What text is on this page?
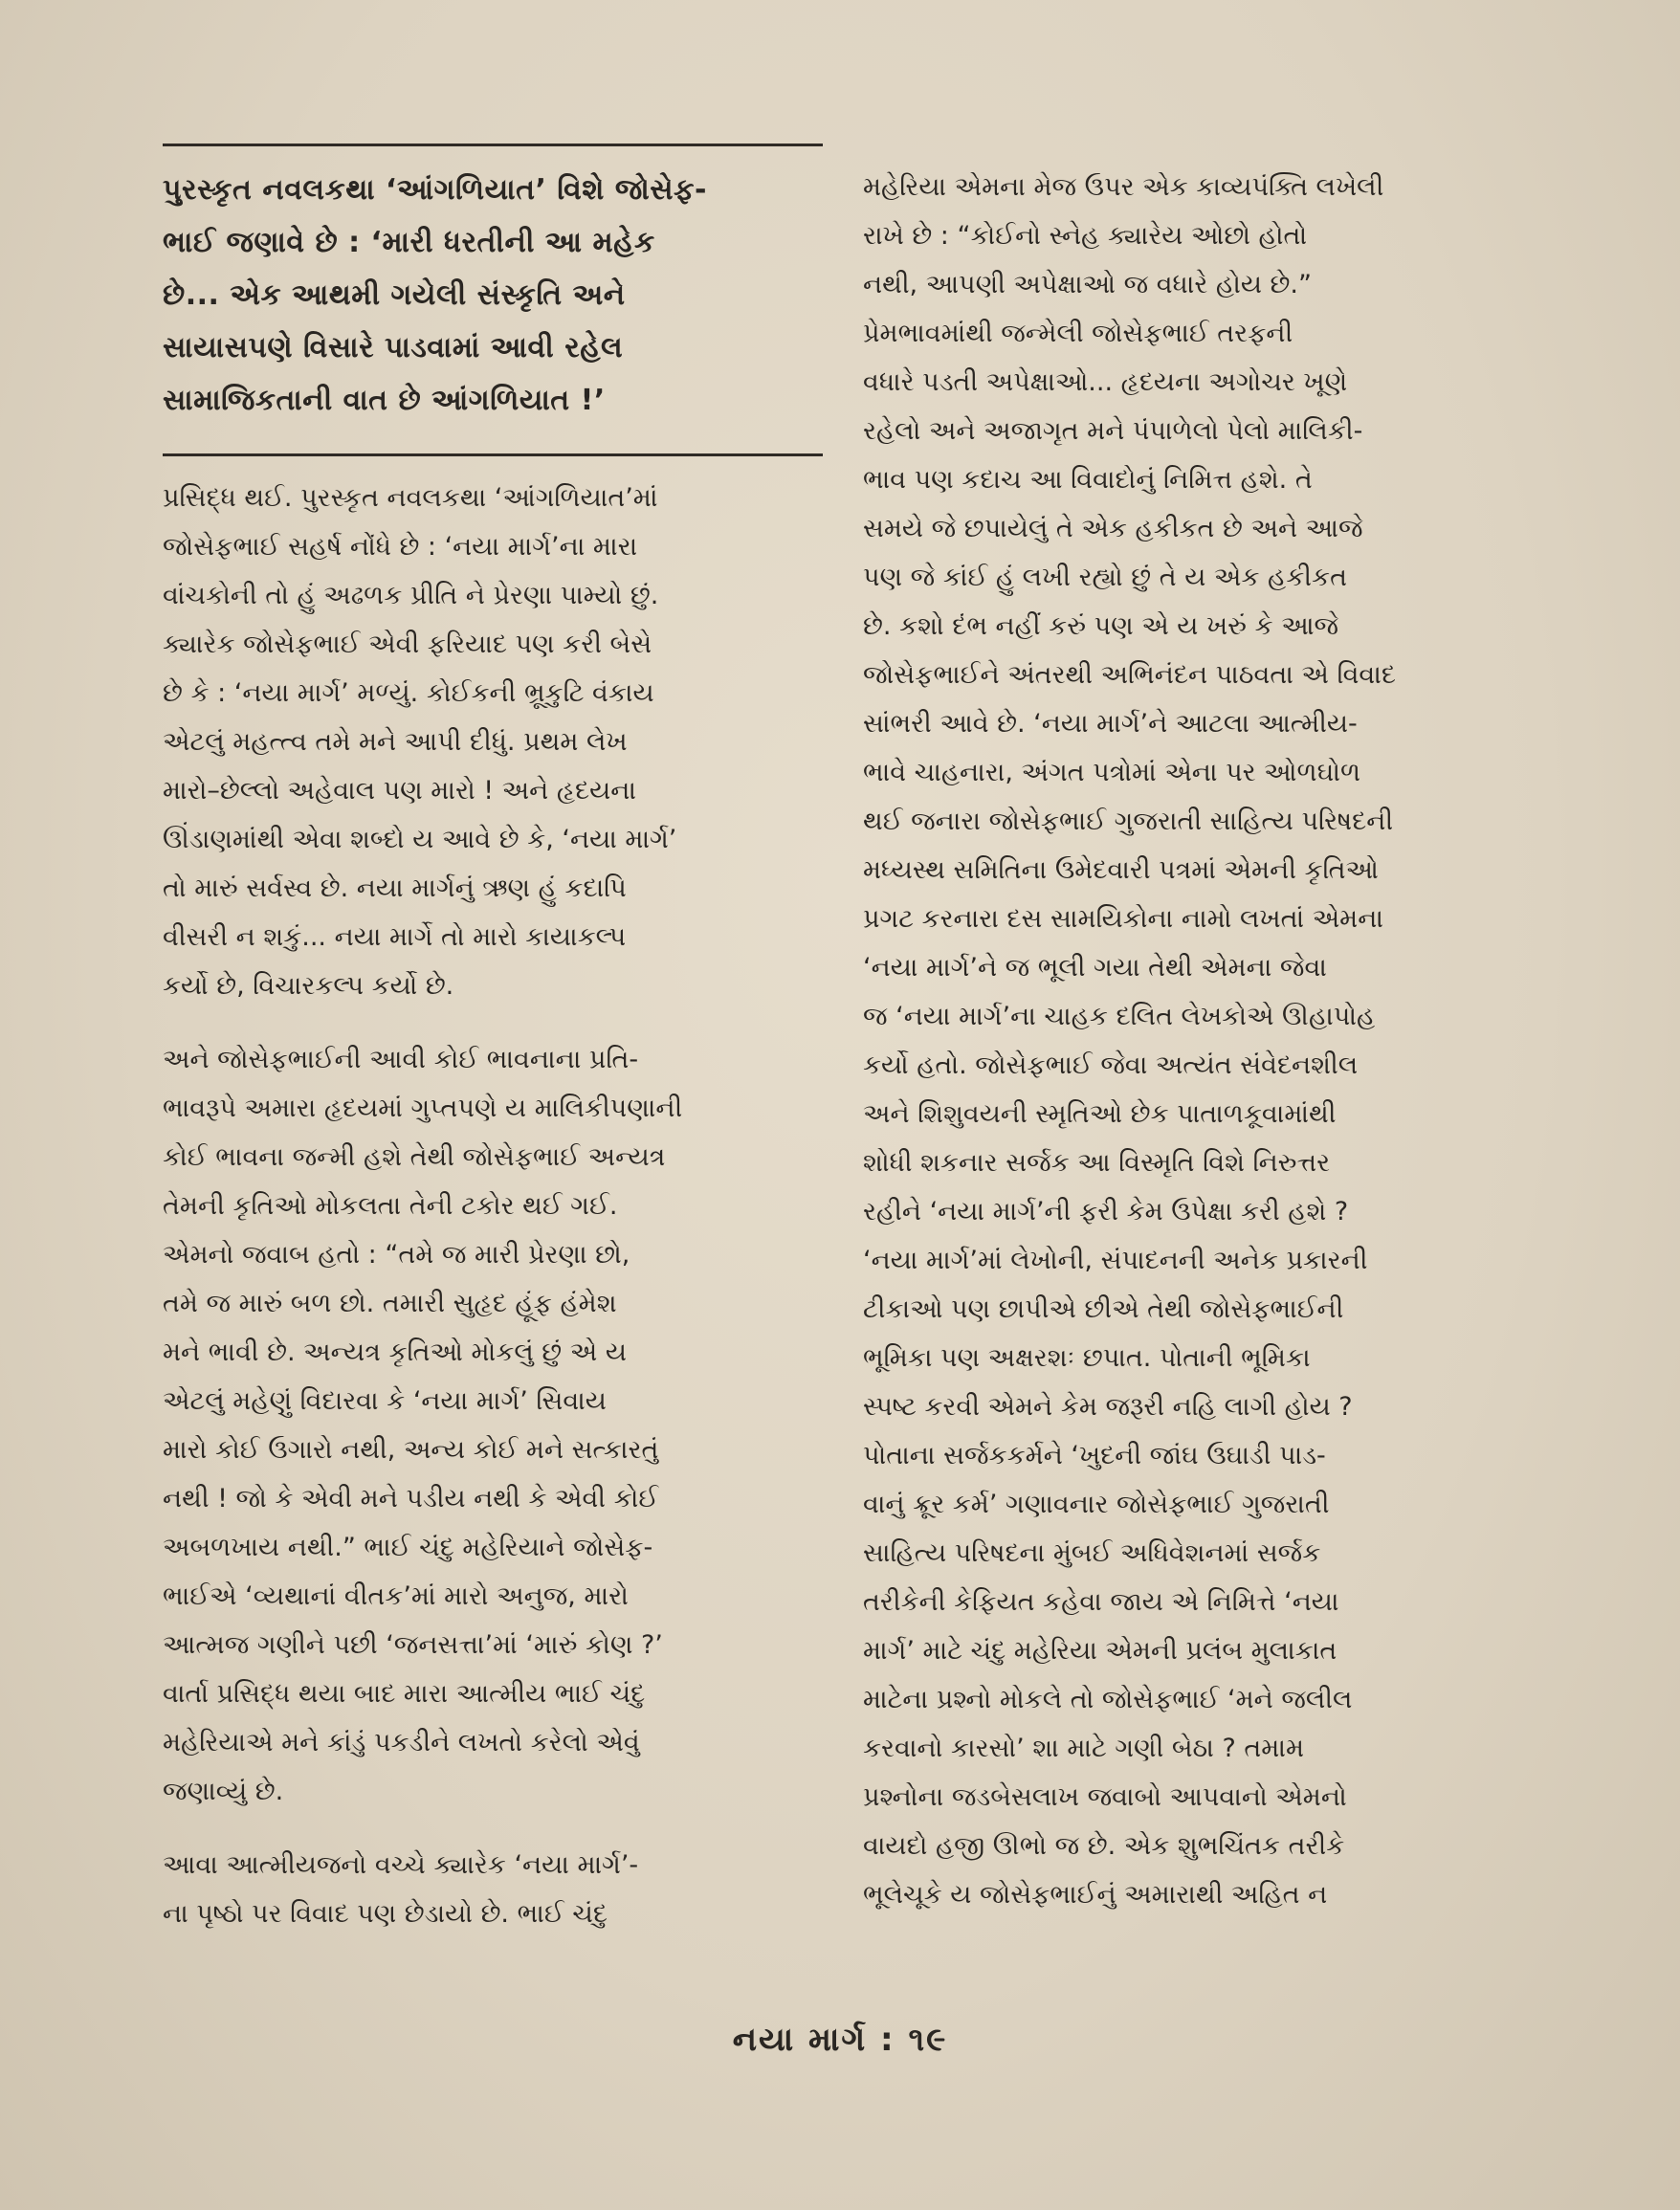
પુરસ્કૃત નવલકથા ‘આંગળિયાત’ વિશે જોસેફ-
ભાઈ જણાવે છે : ‘મારી ધરતીની આ મહેક
છે... એક આથમી ગયેલી સંસ્કૃતિ અને
સાયાસપણે વિસારે પાડવામાં આવી રહેલ
સામાજિકતાની વાત છે આંગળિયાત !’

પ્રસિદ્ધ થઈ. પુરસ્કૃત નવલકથા ‘આંગળિયાત’માં
જોસેફભાઈ સહર્ષ નોંધે છે : ‘નયા માર્ગ’ના મારા
વાંચકોની તો હું અઢળક પ્રીતિ ને પ્રેરણા પામ્યો છું.
ક્યારેક જોસેફભાઈ એવી ફરિયાદ પણ કરી બેસે
છે કે : ‘નયા માર્ગ’ મળ્યું. કોઈકની ભ્રૂકુટિ વંકાય
એટલું મહત્ત્વ તમે મને આપી દીધું. પ્રથમ લેખ
મારો–છેલ્લો અહેવાલ પણ મારો ! અને હૃદયના
ઊંડાણમાંથી એવા શબ્દો ય આવે છે કે, ‘નયા માર્ગ’
તો મારું સર્વસ્વ છે. નયા માર્ગનું ઋણ હું કદાપિ
વીસરી ન શકું... નયા માર્ગે તો મારો કાયાકલ્પ
કર્યો છે, વિચારકલ્પ કર્યો છે.

અને જોસેફભાઈની આવી કોઈ ભાવનાના પ્રતિ-
ભાવરૂપે અમારા હૃદયમાં ગુપ્તપણે ય માલિકીપણાની
કોઈ ભાવના જન્મી હશે તેથી જોસેફભાઈ અન્યત્ર
તેમની કૃતિઓ મોકલતા તેની ટકોર થઈ ગઈ.
એમનો જવાબ હતો : “તમે જ મારી પ્રેરણા છો,
તમે જ મારું બળ છો. તમારી સુહૃદ હૂંફ હંમેશ
મને ભાવી છે. અન્યત્ર કૃતિઓ મોકલું છું એ ય
એટલું મહેણું વિદારવા કે ‘નયા માર્ગ’ સિવાય
મારો કોઈ ઉગારો નથી, અન્ય કોઈ મને સત્કારતું
નથી ! જો કે એવી મને પડીય નથી કે એવી કોઈ
અબળખાય નથી.” ભાઈ ચંદુ મહેરિયાને જોસેફ-
ભાઈએ ‘વ્યથાનાં વીતક’માં મારો અનુજ, મારો
આત્મજ ગણીને પછી ‘જનસત્તા’માં ‘મારું કોણ ?’
વાર્તા પ્રસિદ્ધ થયા બાદ મારા આત્મીય ભાઈ ચંદુ
મહેરિયાએ મને કાંડું પકડીને લખતો કરેલો એવું
જણાવ્યું છે.

આવા આત્મીયજનો વચ્ચે ક્યારેક ‘નયા માર્ગ’-
ના પૃષ્ઠો પર વિવાદ પણ છેડાયો છે. ભાઈ ચંદુ

મહેરિયા એમના મેજ ઉપર એક કાવ્યપંક્તિ લખેલી
રાખે છે : “કોઈનો સ્નેહ ક્યારેય ઓછો હોતો
નથી, આપણી અપેક્ષાઓ જ વધારે હોય છે.”
પ્રેમભાવમાંથી જન્મેલી જોસેફભાઈ તરફની
વધારે પડતી અપેક્ષાઓ... હૃદયના અગોચર ખૂણે
રહેલો અને અજાગૃત મને પંપાળેલો પેલો માલિકી-
ભાવ પણ કદાચ આ વિવાદોનું નિમિત્ત હશે. તે
સમયે જે છપાયેલું તે એક હકીકત છે અને આજે
પણ જે કાંઈ હું લખી રહ્યો છું તે ય એક હકીકત
છે. કશો દંભ નહીં કરું પણ એ ય ખરું કે આજે
જોસેફભાઈને અંતરથી અભિનંદન પાઠવતા એ વિવાદ
સાંભરી આવે છે. ‘નયા માર્ગ’ને આટલા આત્મીય-
ભાવે ચાહનારા, અંગત પત્રોમાં એના પર ઓળઘોળ
થઈ જનારા જોસેફભાઈ ગુજરાતી સાહિત્ય પરિષદની
મધ્યસ્થ સમિતિના ઉમેદવારી પત્રમાં એમની કૃતિઓ
પ્રગટ કરનારા દસ સામયિકોના નામો લખતાં એમના
‘નયા માર્ગ’ને જ ભૂલી ગયા તેથી એમના જેવા
જ ‘નયા માર્ગ’ના ચાહક દલિત લેખકોએ ઊહાપોહ
કર્યો હતો. જોસેફભાઈ જેવા અત્યંત સંવેદનશીલ
અને શિશુવયની સ્મૃતિઓ છેક પાતાળકૂવામાંથી
શોધી શકનાર સર્જક આ વિસ્મૃતિ વિશે નિરુત્તર
રહીને ‘નયા માર્ગ’ની ફરી કેમ ઉપેક્ષા કરી હશે ?
‘નયા માર્ગ’માં લેખોની, સંપાદનની અનેક પ્રકારની
ટીકાઓ પણ છાપીએ છીએ તેથી જોસેફભાઈની
ભૂમિકા પણ અક્ષરશઃ છપાત. પોતાની ભૂમિકા
સ્પષ્ટ કરવી એમને કેમ જરૂરી નહિ લાગી હોય ?
પોતાના સર્જકકર્મને ‘ખુદની જાંઘ ઉઘાડી પાડ-
વાનું ક્રૂર કર્મ’ ગણાવનાર જોસેફભાઈ ગુજરાતી
સાહિત્ય પરિષદના મુંબઈ અધિવેશનમાં સર્જક
તરીકેની કેફિયત કહેવા જાય એ નિમિત્તે ‘નયા
માર્ગ’ માટે ચંદુ મહેરિયા એમની પ્રલંબ મુલાકાત
માટેના પ્રશ્નો મોકલે તો જોસેફભાઈ ‘મને જલીલ
કરવાનો કારસો’ શા માટે ગણી બેઠા ? તમામ
પ્રશ્નોના જડબેસલાખ જવાબો આપવાનો એમનો
વાયદો હજી ઊભો જ છે. એક શુભચિંતક તરીકે
ભૂલેચૂકે ય જોસેફભાઈનું અમારાથી અહિત ન

નયા માર્ગ : ૧૯
